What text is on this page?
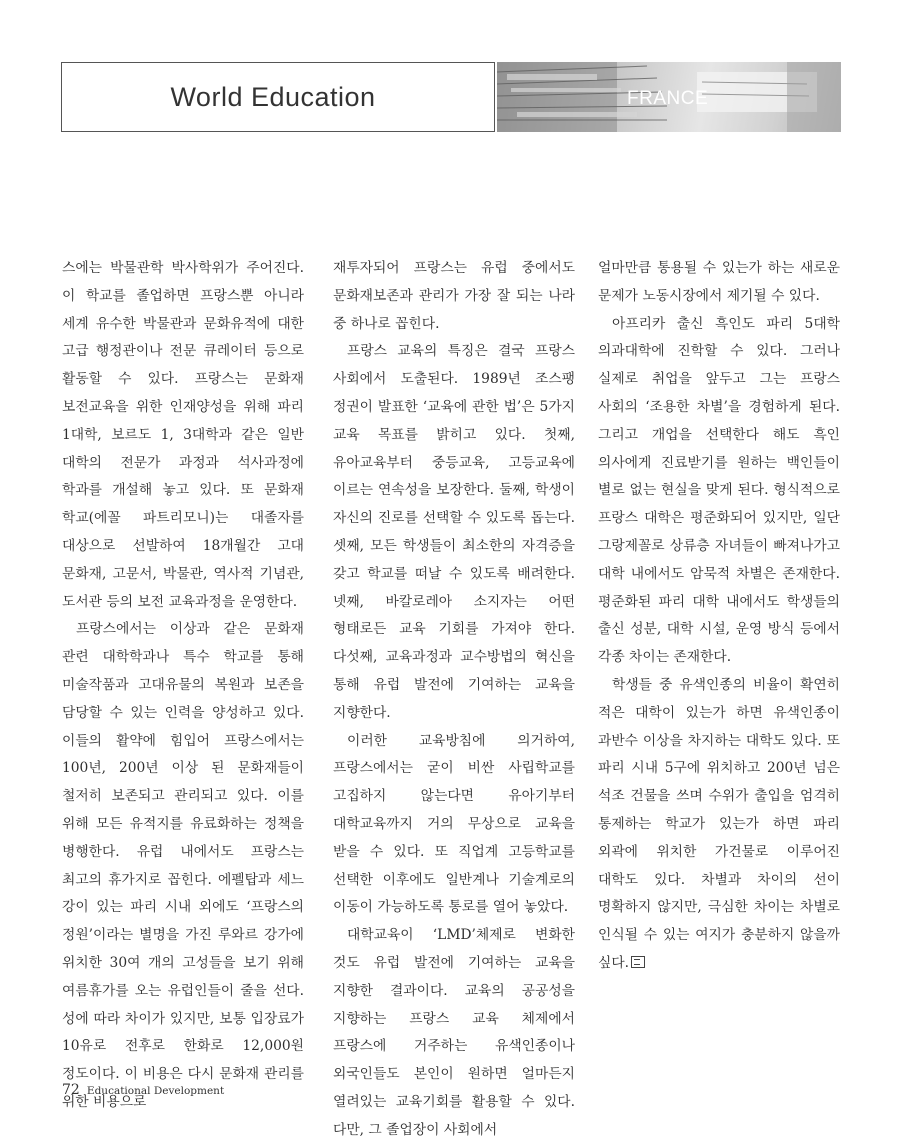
World Education	FRANCE

스에는 박물관학 박사학위가 주어진다. 이 학교를 졸업하면 프랑스뿐 아니라 세계 유수한 박물관과 문화유적에 대한 고급 행정관이나 전문 큐레이터 등으로 활동할 수 있다. 프랑스는 문화재 보전교육을 위한 인재양성을 위해 파리 1대학, 보르도 1, 3대학과 같은 일반 대학의 전문가 과정과 석사과정에 학과를 개설해 놓고 있다. 또 문화재 학교(에꼴 파트리모니)는 대졸자를 대상으로 선발하여 18개월간 고대 문화재, 고문서, 박물관, 역사적 기념관, 도서관 등의 보전 교육과정을 운영한다.

프랑스에서는 이상과 같은 문화재 관련 대학학과나 특수 학교를 통해 미술작품과 고대유물의 복원과 보존을 담당할 수 있는 인력을 양성하고 있다. 이들의 활약에 힘입어 프랑스에서는 100년, 200년 이상 된 문화재들이 철저히 보존되고 관리되고 있다. 이를 위해 모든 유적지를 유료화하는 정책을 병행한다. 유럽 내에서도 프랑스는 최고의 휴가지로 꼽힌다. 에펠탑과 세느 강이 있는 파리 시내 외에도 ‘프랑스의 정원’이라는 별명을 가진 루와르 강가에 위치한 30여 개의 고성들을 보기 위해 여름휴가를 오는 유럽인들이 줄을 선다. 성에 따라 차이가 있지만, 보통 입장료가 10유로 전후로 한화로 12,000원 정도이다. 이 비용은 다시 문화재 관리를 위한 비용으로

재투자되어 프랑스는 유럽 중에서도 문화재보존과 관리가 가장 잘 되는 나라 중 하나로 꼽힌다.

프랑스 교육의 특징은 결국 프랑스 사회에서 도출된다. 1989년 조스팽 정권이 발표한 ‘교육에 관한 법’은 5가지 교육 목표를 밝히고 있다. 첫째, 유아교육부터 중등교육, 고등교육에 이르는 연속성을 보장한다. 둘째, 학생이 자신의 진로를 선택할 수 있도록 돕는다. 셋째, 모든 학생들이 최소한의 자격증을 갖고 학교를 떠날 수 있도록 배려한다. 넷째, 바칼로레아 소지자는 어떤 형태로든 교육 기회를 가져야 한다. 다섯째, 교육과정과 교수방법의 혁신을 통해 유럽 발전에 기여하는 교육을 지향한다.

이러한 교육방침에 의거하여, 프랑스에서는 굳이 비싼 사립학교를 고집하지 않는다면 유아기부터 대학교육까지 거의 무상으로 교육을 받을 수 있다. 또 직업계 고등학교를 선택한 이후에도 일반계나 기술계로의 이동이 가능하도록 통로를 열어 놓았다.

대학교육이 ‘LMD’체제로 변화한 것도 유럽 발전에 기여하는 교육을 지향한 결과이다. 교육의 공공성을 지향하는 프랑스 교육 체제에서 프랑스에 거주하는 유색인종이나 외국인들도 본인이 원하면 얼마든지 열려있는 교육기회를 활용할 수 있다. 다만, 그 졸업장이 사회에서

얼마만큼 통용될 수 있는가 하는 새로운 문제가 노동시장에서 제기될 수 있다.

아프리카 출신 흑인도 파리 5대학 의과대학에 진학할 수 있다. 그러나 실제로 취업을 앞두고 그는 프랑스 사회의 ‘조용한 차별’을 경험하게 된다. 그리고 개업을 선택한다 해도 흑인 의사에게 진료받기를 원하는 백인들이 별로 없는 현실을 맞게 된다. 형식적으로 프랑스 대학은 평준화되어 있지만, 일단 그랑제꼴로 상류층 자녀들이 빠져나가고 대학 내에서도 암묵적 차별은 존재한다. 평준화된 파리 대학 내에서도 학생들의 출신 성분, 대학 시설, 운영 방식 등에서 각종 차이는 존재한다.

학생들 중 유색인종의 비율이 확연히 적은 대학이 있는가 하면 유색인종이 과반수 이상을 차지하는 대학도 있다. 또 파리 시내 5구에 위치하고 200년 넘은 석조 건물을 쓰며 수위가 출입을 엄격히 통제하는 학교가 있는가 하면 파리 외곽에 위치한 가건물로 이루어진 대학도 있다. 차별과 차이의 선이 명확하지 않지만, 극심한 차이는 차별로 인식될 수 있는 여지가 충분하지 않을까 싶다.

72 Educational Development
